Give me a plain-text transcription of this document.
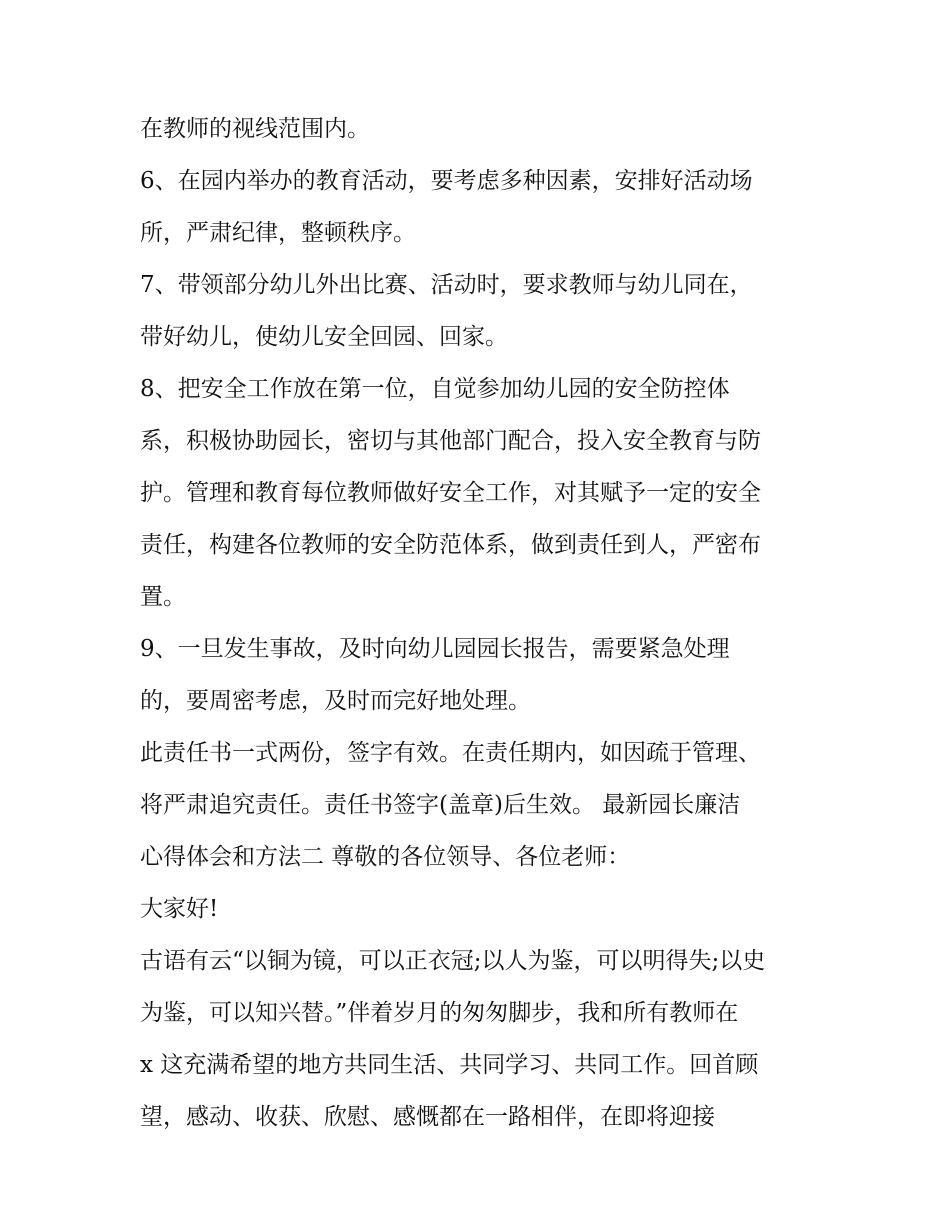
在教师的视线范围内。

6、在园内举办的教育活动，要考虑多种因素，安排好活动场

所，严肃纪律，整顿秩序。

7、带领部分幼儿外出比赛、活动时，要求教师与幼儿同在，

带好幼儿，使幼儿安全回园、回家。

8、把安全工作放在第一位，自觉参加幼儿园的安全防控体

系，积极协助园长，密切与其他部门配合，投入安全教育与防

护。管理和教育每位教师做好安全工作，对其赋予一定的安全

责任，构建各位教师的安全防范体系，做到责任到人，严密布

置。

9、一旦发生事故，及时向幼儿园园长报告，需要紧急处理

的，要周密考虑，及时而完好地处理。

此责任书一式两份，签字有效。在责任期内，如因疏于管理、

将严肃追究责任。责任书签字(盖章)后生效。 最新园长廉洁

心得体会和方法二 尊敬的各位领导、各位老师：

大家好!

古语有云“以铜为镜，可以正衣冠;以人为鉴，可以明得失;以史

为鉴，可以知兴替。”伴着岁月的匆匆脚步，我和所有教师在

x 这充满希望的地方共同生活、共同学习、共同工作。回首顾

望，感动、收获、欣慰、感慨都在一路相伴，在即将迎接
